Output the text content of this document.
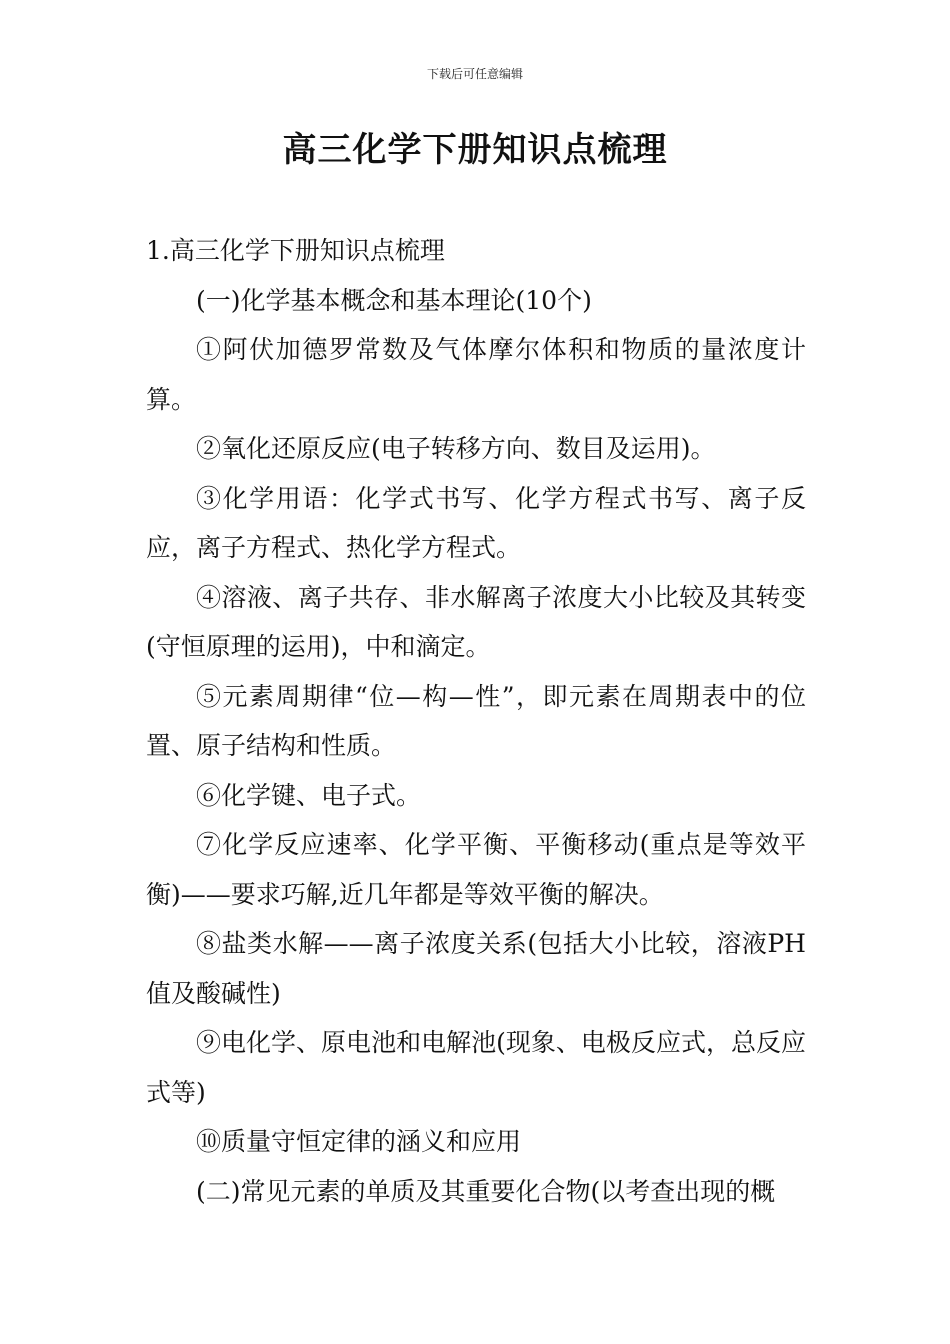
下载后可任意编辑
高三化学下册知识点梳理

1.高三化学下册知识点梳理

(一)化学基本概念和基本理论(10个)

①阿伏加德罗常数及气体摩尔体积和物质的量浓度计算。

②氧化还原反应(电子转移方向、数目及运用)。

③化学用语：化学式书写、化学方程式书写、离子反应，离子方程式、热化学方程式。

④溶液、离子共存、非水解离子浓度大小比较及其转变(守恒原理的运用)，中和滴定。

⑤元素周期律“位—构—性”，即元素在周期表中的位置、原子结构和性质。

⑥化学键、电子式。

⑦化学反应速率、化学平衡、平衡移动(重点是等效平衡)——要求巧解,近几年都是等效平衡的解决。

⑧盐类水解——离子浓度关系(包括大小比较，溶液PH值及酸碱性)

⑨电化学、原电池和电解池(现象、电极反应式，总反应式等)

⑩质量守恒定律的涵义和应用

(二)常见元素的单质及其重要化合物(以考查出现的概
